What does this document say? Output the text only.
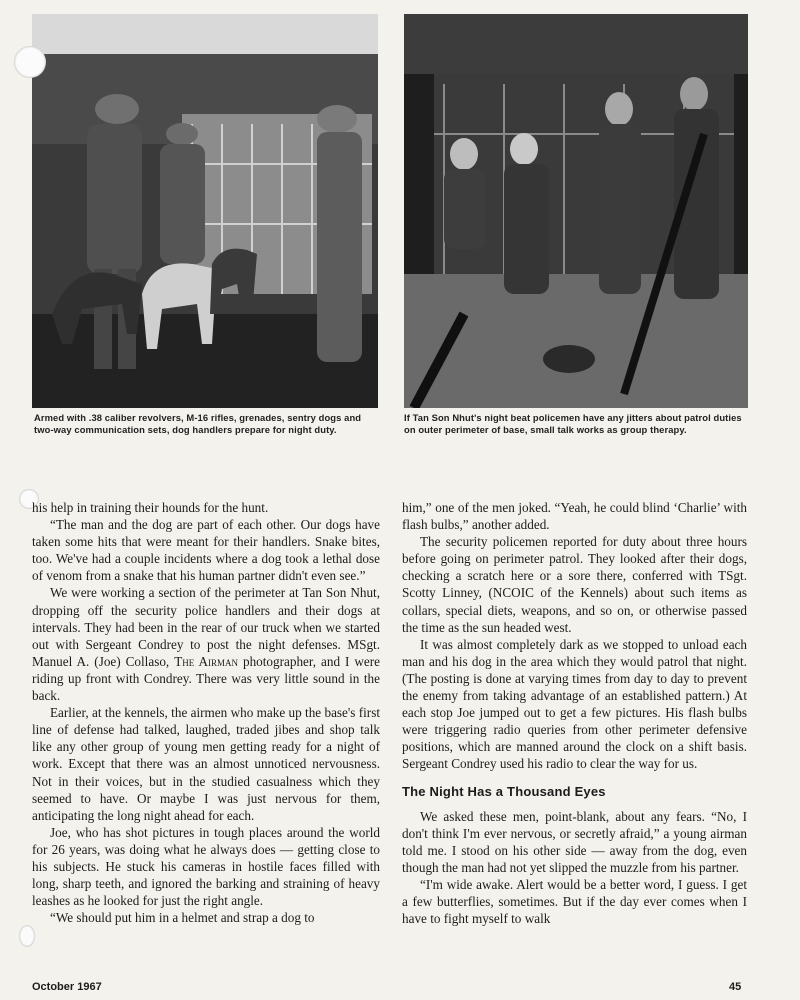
Armed with .38 caliber revolvers, M-16 rifles, grenades, sentry dogs and two-way communication sets, dog handlers prepare for night duty.
If Tan Son Nhut's night beat policemen have any jitters about patrol duties on outer perimeter of base, small talk works as group therapy.

his help in training their hounds for the hunt.

“The man and the dog are part of each other. Our dogs have taken some hits that were meant for their handlers. Snake bites, too. We've had a couple incidents where a dog took a lethal dose of venom from a snake that his human partner didn't even see.”

We were working a section of the perimeter at Tan Son Nhut, dropping off the security police handlers and their dogs at intervals. They had been in the rear of our truck when we started out with Sergeant Condrey to post the night defenses. MSgt. Manuel A. (Joe) Collaso, The Airman photographer, and I were riding up front with Condrey. There was very little sound in the back.

Earlier, at the kennels, the airmen who make up the base's first line of defense had talked, laughed, traded jibes and shop talk like any other group of young men getting ready for a night of work. Except that there was an almost unnoticed nervousness. Not in their voices, but in the studied casualness which they seemed to have. Or maybe I was just nervous for them, anticipating the long night ahead for each.

Joe, who has shot pictures in tough places around the world for 26 years, was doing what he always does — getting close to his subjects. He stuck his cameras in hostile faces filled with long, sharp teeth, and ignored the barking and straining of heavy leashes as he looked for just the right angle.

“We should put him in a helmet and strap a dog to

him,” one of the men joked. “Yeah, he could blind ‘Charlie’ with flash bulbs,” another added.

The security policemen reported for duty about three hours before going on perimeter patrol. They looked after their dogs, checking a scratch here or a sore there, conferred with TSgt. Scotty Linney, (NCOIC of the Kennels) about such items as collars, special diets, weapons, and so on, or otherwise passed the time as the sun headed west.

It was almost completely dark as we stopped to unload each man and his dog in the area which they would patrol that night. (The posting is done at varying times from day to day to prevent the enemy from taking advantage of an established pattern.) At each stop Joe jumped out to get a few pictures. His flash bulbs were triggering radio queries from other perimeter defensive positions, which are manned around the clock on a shift basis. Sergeant Condrey used his radio to clear the way for us.

The Night Has a Thousand Eyes

We asked these men, point-blank, about any fears. “No, I don't think I'm ever nervous, or secretly afraid,” a young airman told me. I stood on his other side — away from the dog, even though the man had not yet slipped the muzzle from his partner.

“I'm wide awake. Alert would be a better word, I guess. I get a few butterflies, sometimes. But if the day ever comes when I have to fight myself to walk

October 1967	45
